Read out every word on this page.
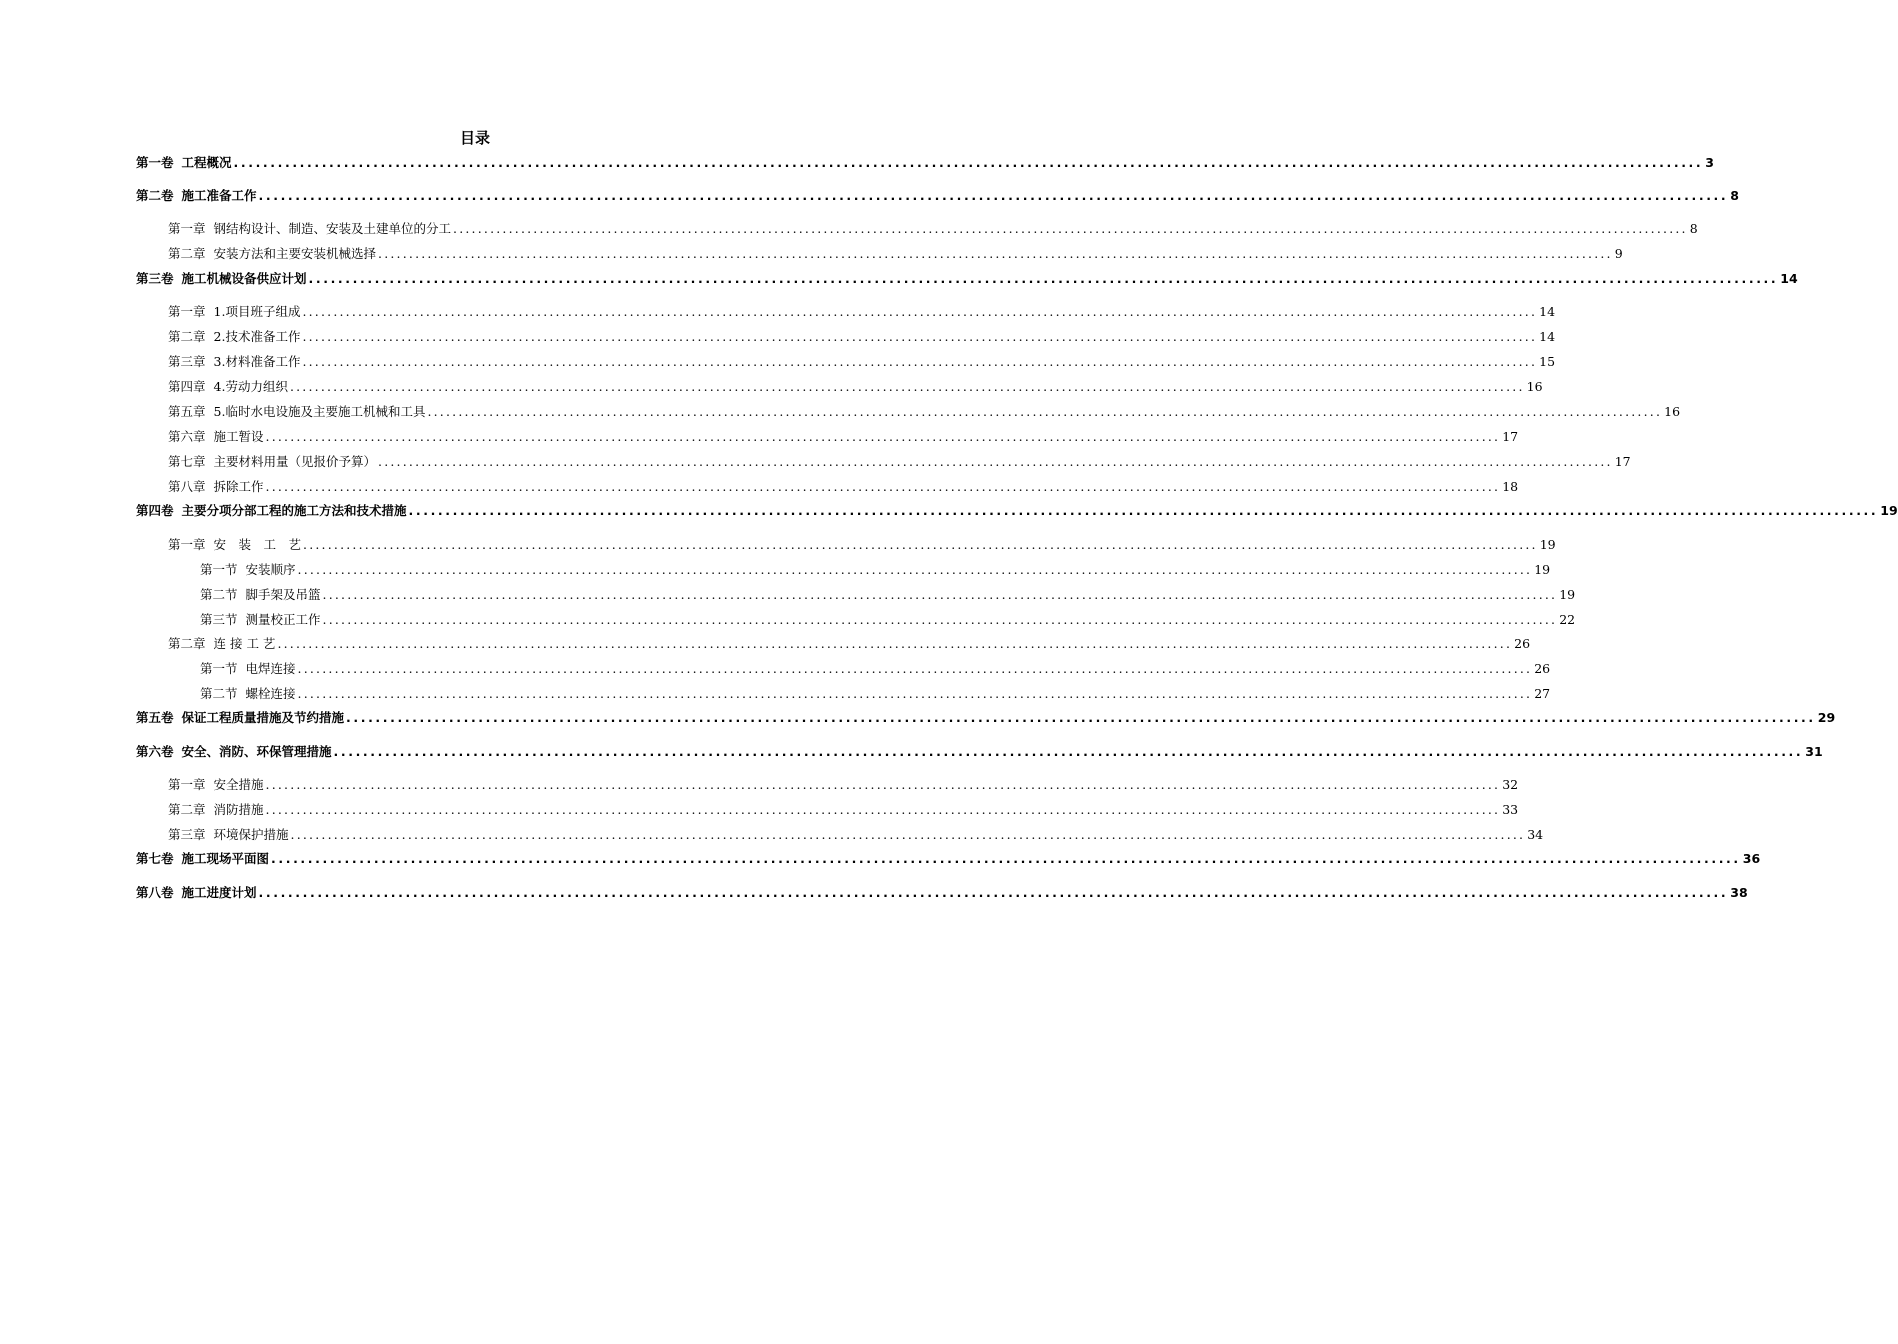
目录
第一卷 工程概况 ........................................................................................................................................................................................................ 3
第二卷 施工准备工作 ........................................................................................................................................................................................................ 8
第一章 钢结构设计、制造、安装及土建单位的分工 ........................................................................................................................................................................................................ 8
第二章 安装方法和主要安装机械选择 ........................................................................................................................................................................................................ 9
第三卷 施工机械设备供应计划 ........................................................................................................................................................................................................ 14
第一章 1.项目班子组成 ........................................................................................................................................................................................................ 14
第二章 2.技术准备工作 ........................................................................................................................................................................................................ 14
第三章 3.材料准备工作 ........................................................................................................................................................................................................ 15
第四章 4.劳动力组织 ........................................................................................................................................................................................................ 16
第五章 5.临时水电设施及主要施工机械和工具 ........................................................................................................................................................................................................ 16
第六章 施工暂设 ........................................................................................................................................................................................................ 17
第七章 主要材料用量（见报价予算） ........................................................................................................................................................................................................ 17
第八章 拆除工作 ........................................................................................................................................................................................................ 18
第四卷 主要分项分部工程的施工方法和技术措施 ........................................................................................................................................................................................................ 19
第一章 安　装　工　艺 ........................................................................................................................................................................................................ 19
第一节 安装顺序 ........................................................................................................................................................................................................ 19
第二节 脚手架及吊篮 ........................................................................................................................................................................................................ 19
第三节 测量校正工作 ........................................................................................................................................................................................................ 22
第二章 连 接 工 艺 ........................................................................................................................................................................................................ 26
第一节 电焊连接 ........................................................................................................................................................................................................ 26
第二节 螺栓连接 ........................................................................................................................................................................................................ 27
第五卷 保证工程质量措施及节约措施 ........................................................................................................................................................................................................ 29
第六卷 安全、消防、环保管理措施 ........................................................................................................................................................................................................ 31
第一章 安全措施 ........................................................................................................................................................................................................ 32
第二章 消防措施 ........................................................................................................................................................................................................ 33
第三章 环境保护措施 ........................................................................................................................................................................................................ 34
第七卷 施工现场平面图 ........................................................................................................................................................................................................ 36
第八卷 施工进度计划 ........................................................................................................................................................................................................ 38
